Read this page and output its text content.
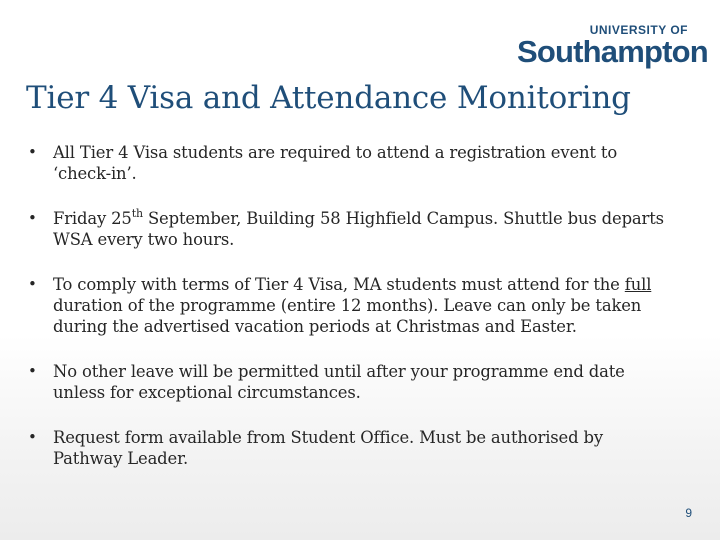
UNIVERSITY OF
Southampton
Tier 4 Visa and Attendance Monitoring
• All Tier 4 Visa students are required to attend a registration event to ‘check-in’.
• Friday 25th September, Building 58 Highfield Campus. Shuttle bus departs WSA every two hours.
• To comply with terms of Tier 4 Visa, MA students must attend for the full duration of the programme (entire 12 months). Leave can only be taken during the advertised vacation periods at Christmas and Easter.
• No other leave will be permitted until after your programme end date unless for exceptional circumstances.
• Request form available from Student Office. Must be authorised by Pathway Leader.
9
